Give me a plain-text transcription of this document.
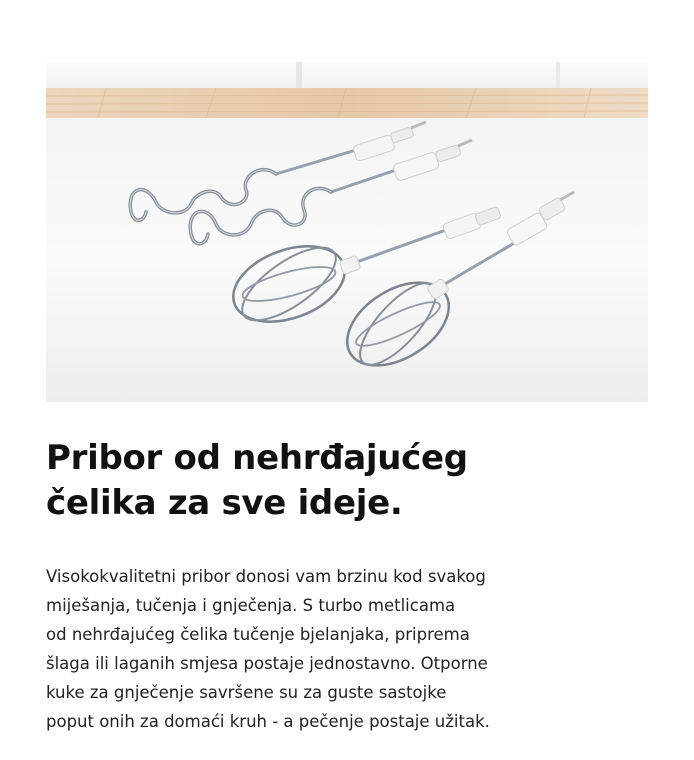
Pribor od nehrđajućeg
čelika za sve ideje.

Visokokvalitetni pribor donosi vam brzinu kod svakog
miješanja, tučenja i gnječenja. S turbo metlicama
od nehrđajućeg čelika tučenje bjelanjaka, priprema
šlaga ili laganih smjesa postaje jednostavno. Otporne
kuke za gnječenje savršene su za guste sastojke
poput onih za domaći kruh - a pečenje postaje užitak.
